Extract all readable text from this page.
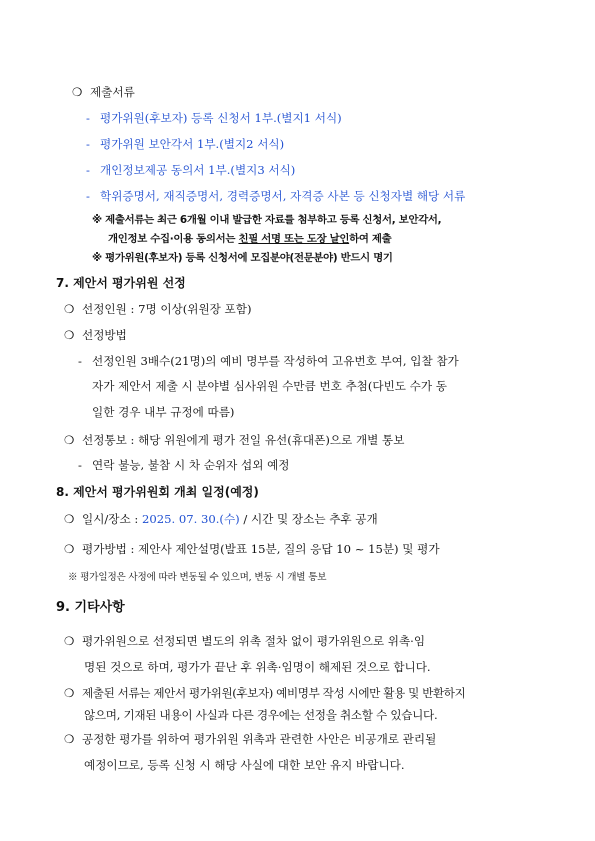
❍ 제출서류
- 평가위원(후보자) 등록 신청서 1부.(별지1 서식)
- 평가위원 보안각서 1부.(별지2 서식)
- 개인정보제공 동의서 1부.(별지3 서식)
- 학위증명서, 재직증명서, 경력증명서, 자격증 사본 등 신청자별 해당 서류
※ 제출서류는 최근 6개월 이내 발급한 자료를 첨부하고 등록 신청서, 보안각서,
개인정보 수집·이용 동의서는 친필 서명 또는 도장 날인하여 제출
※ 평가위원(후보자) 등록 신청서에 모집분야(전문분야) 반드시 명기
7. 제안서 평가위원 선정
❍ 선정인원 : 7명 이상(위원장 포함)
❍ 선정방법
- 선정인원 3배수(21명)의 예비 명부를 작성하여 고유번호 부여, 입찰 참가
자가 제안서 제출 시 분야별 심사위원 수만큼 번호 추첨(다빈도 수가 동
일한 경우 내부 규정에 따름)
❍ 선정통보 : 해당 위원에게 평가 전일 유선(휴대폰)으로 개별 통보
- 연락 불능, 불참 시 차 순위자 섭외 예정
8. 제안서 평가위원회 개최 일정(예정)
❍ 일시/장소 : 2025. 07. 30.(수) / 시간 및 장소는 추후 공개
❍ 평가방법 : 제안사 제안설명(발표 15분, 질의 응답 10 ~ 15분) 및 평가
※ 평가일정은 사정에 따라 변동될 수 있으며, 변동 시 개별 통보
9. 기타사항
❍ 평가위원으로 선정되면 별도의 위촉 절차 없이 평가위원으로 위촉·임
명된 것으로 하며, 평가가 끝난 후 위촉·임명이 해제된 것으로 합니다.
❍ 제출된 서류는 제안서 평가위원(후보자) 예비명부 작성 시에만 활용 및 반환하지
않으며, 기재된 내용이 사실과 다른 경우에는 선정을 취소할 수 있습니다.
❍ 공정한 평가를 위하여 평가위원 위촉과 관련한 사안은 비공개로 관리될
예정이므로, 등록 신청 시 해당 사실에 대한 보안 유지 바랍니다.
